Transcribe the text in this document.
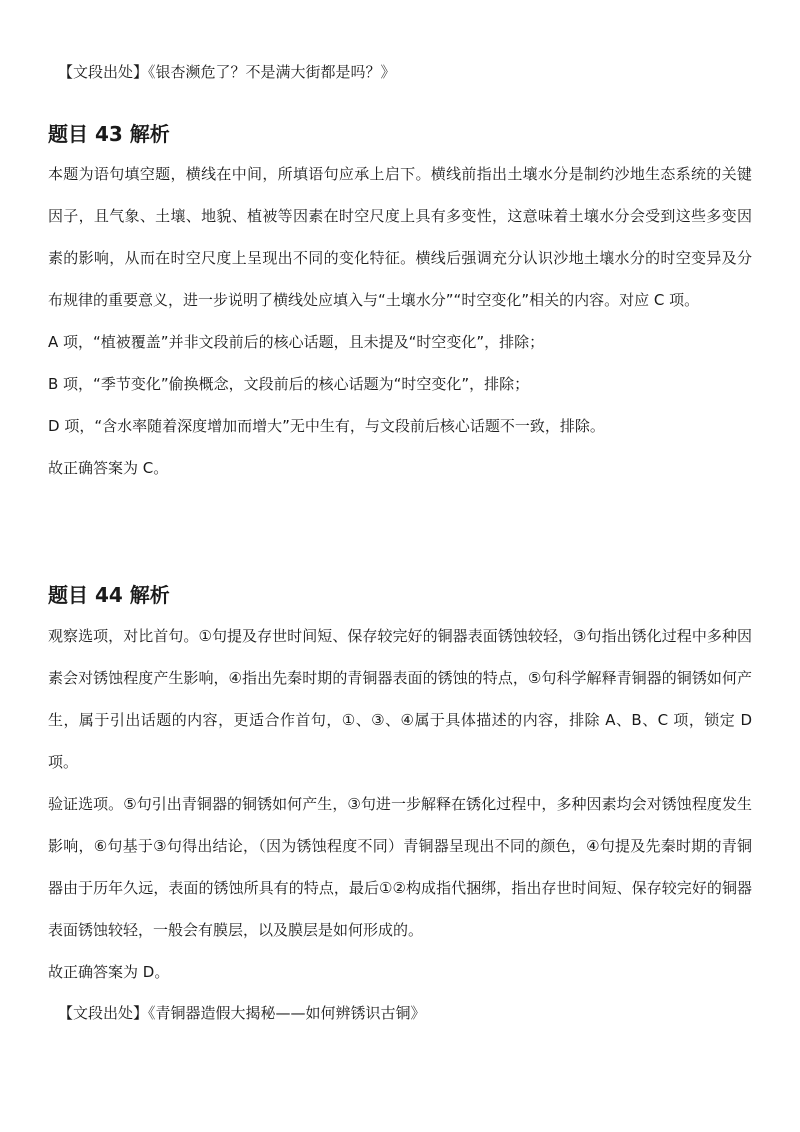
【文段出处】《银杏濒危了？不是满大街都是吗？》
题目 43 解析

本题为语句填空题，横线在中间，所填语句应承上启下。横线前指出土壤水分是制约沙地生态系统的关键因子，且气象、土壤、地貌、植被等因素在时空尺度上具有多变性，这意味着土壤水分会受到这些多变因素的影响，从而在时空尺度上呈现出不同的变化特征。横线后强调充分认识沙地土壤水分的时空变异及分布规律的重要意义，进一步说明了横线处应填入与“土壤水分”“时空变化”相关的内容。对应 C 项。

A 项，“植被覆盖”并非文段前后的核心话题，且未提及“时空变化”，排除；

B 项，“季节变化”偷换概念，文段前后的核心话题为“时空变化”，排除；

D 项，“含水率随着深度增加而增大”无中生有，与文段前后核心话题不一致，排除。

故正确答案为 C。

题目 44 解析

观察选项，对比首句。①句提及存世时间短、保存较完好的铜器表面锈蚀较轻，③句指出锈化过程中多种因素会对锈蚀程度产生影响，④指出先秦时期的青铜器表面的锈蚀的特点，⑤句科学解释青铜器的铜锈如何产生，属于引出话题的内容，更适合作首句，①、③、④属于具体描述的内容，排除 A、B、C 项，锁定 D 项。

验证选项。⑤句引出青铜器的铜锈如何产生，③句进一步解释在锈化过程中，多种因素均会对锈蚀程度发生影响，⑥句基于③句得出结论，（因为锈蚀程度不同）青铜器呈现出不同的颜色，④句提及先秦时期的青铜器由于历年久远，表面的锈蚀所具有的特点，最后①②构成指代捆绑，指出存世时间短、保存较完好的铜器表面锈蚀较轻，一般会有膜层，以及膜层是如何形成的。

故正确答案为 D。

【文段出处】《青铜器造假大揭秘——如何辨锈识古铜》
